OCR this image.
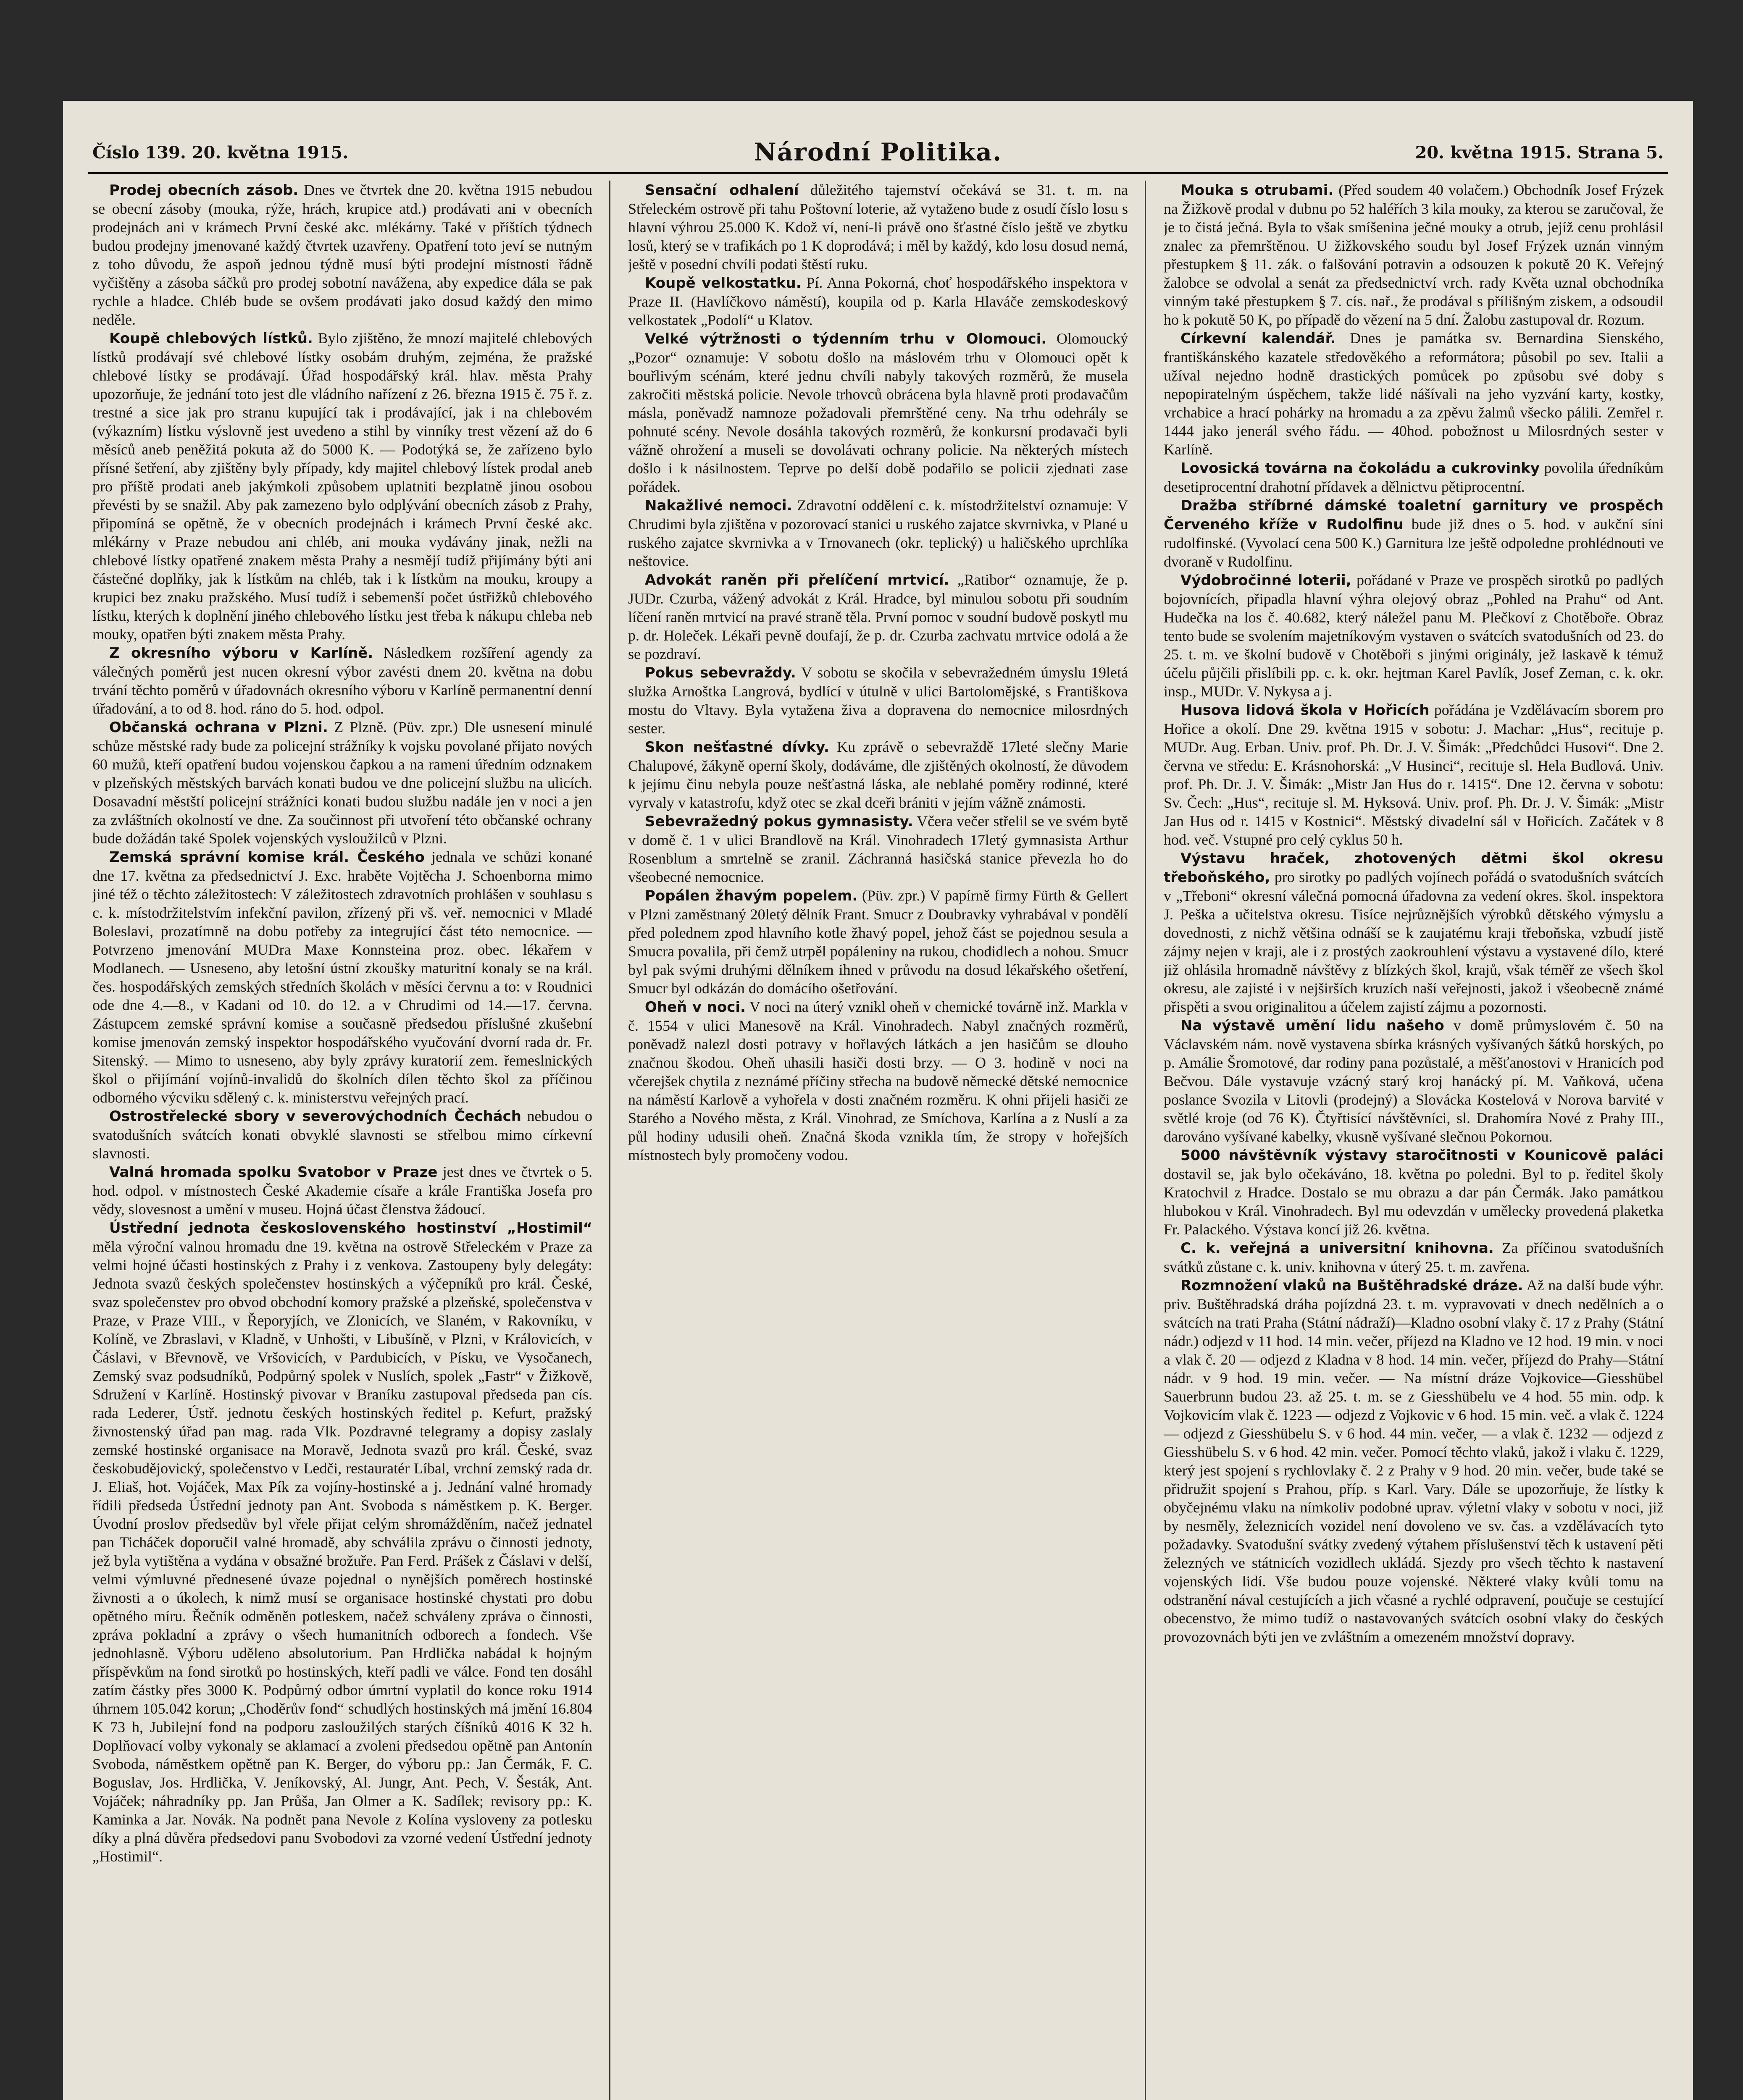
Číslo 139. 20. května 1915.	Národní Politika.	20. května 1915. Strana 5.

Prodej obecních zásob. Dnes ve čtvrtek dne 20. května 1915 nebudou se obecní zásoby (mouka, rýže, hrách, krupice atd.) prodávati ani v obecních prodejnách ani v krámech První české akc. mlékárny. Také v příštích týdnech budou prodejny jmenované každý čtvrtek uzavřeny. Opatření toto jeví se nutným z toho důvodu, že aspoň jednou týdně musí býti prodejní místnosti řádně vyčištěny a zásoba sáčků pro prodej sobotní navážena, aby expedice dála se pak rychle a hladce. Chléb bude se ovšem prodávati jako dosud každý den mimo neděle.

Koupě chlebových lístků. Bylo zjištěno, že mnozí majitelé chlebových lístků prodávají své chlebové lístky osobám druhým, zejména, že pražské chlebové lístky se prodávají. Úřad hospodářský král. hlav. města Prahy upozorňuje, že jednání toto jest dle vládního nařízení z 26. března 1915 č. 75 ř. z. trestné a sice jak pro stranu kupující tak i prodávající, jak i na chlebovém (výkazním) lístku výslovně jest uvedeno a stihl by vinníky trest vězení až do 6 měsíců aneb peněžitá pokuta až do 5000 K. — Podotýká se, že zařízeno bylo přísné šetření, aby zjištěny byly případy, kdy majitel chlebový lístek prodal aneb pro příště prodati aneb jakýmkoli způsobem uplatniti bezplatně jinou osobou převésti by se snažil. Aby pak zamezeno bylo odplývání obecních zásob z Prahy, připomíná se opětně, že v obecních prodejnách i krámech První české akc. mlékárny v Praze nebudou ani chléb, ani mouka vydávány jinak, nežli na chlebové lístky opatřené znakem města Prahy a nesmějí tudíž přijímány býti ani částečné doplňky, jak k lístkům na chléb, tak i k lístkům na mouku, kroupy a krupici bez znaku pražského. Musí tudíž i sebemenší počet ústřižků chlebového lístku, kterých k doplnění jiného chlebového lístku jest třeba k nákupu chleba neb mouky, opatřen býti znakem města Prahy.

Z okresního výboru v Karlíně. Následkem rozšíření agendy za válečných poměrů jest nucen okresní výbor zavésti dnem 20. května na dobu trvání těchto poměrů v úřadovnách okresního výboru v Karlíně permanentní denní úřadování, a to od 8. hod. ráno do 5. hod. odpol.

Občanská ochrana v Plzni. Z Plzně. (Püv. zpr.) Dle usnesení minulé schůze městské rady bude za policejní strážníky k vojsku povolané přijato nových 60 mužů, kteří opatření budou vojenskou čapkou a na rameni úředním odznakem v plzeňských městských barvách konati budou ve dne policejní službu na ulicích. Dosavadní městští policejní strážníci konati budou službu nadále jen v noci a jen za zvláštních okolností ve dne. Za součinnost při utvoření této občanské ochrany bude dožádán také Spolek vojenských vysloužilců v Plzni.

Zemská správní komise král. Českého jednala ve schůzi konané dne 17. května za předsednictví J. Exc. hraběte Vojtěcha J. Schoenborna mimo jiné též o těchto záležitostech: V záležitostech zdravotních prohlášen v souhlasu s c. k. místodržitelstvím infekční pavilon, zřízený při vš. veř. nemocnici v Mladé Boleslavi, prozatímně na dobu potřeby za integrující část této nemocnice. — Potvrzeno jmenování MUDra Maxe Konnsteina proz. obec. lékařem v Modlanech. — Usneseno, aby letošní ústní zkoušky maturitní konaly se na král. čes. hospodářských zemských středních školách v měsíci červnu a to: v Roudnici ode dne 4.—8., v Kadani od 10. do 12. a v Chrudimi od 14.—17. června. Zástupcem zemské správní komise a současně předsedou příslušné zkušební komise jmenován zemský inspektor hospodářského vyučování dvorní rada dr. Fr. Sitenský. — Mimo to usneseno, aby byly zprávy kuratorií zem. řemeslnických škol o přijímání vojínů-invalidů do školních dílen těchto škol za příčinou odborného výcviku sdělený c. k. ministerstvu veřejných prací.

Ostrostřelecké sbory v severovýchodních Čechách nebudou o svatodušních svátcích konati obvyklé slavnosti se střelbou mimo církevní slavnosti.

Valná hromada spolku Svatobor v Praze jest dnes ve čtvrtek o 5. hod. odpol. v místnostech České Akademie císaře a krále Františka Josefa pro vědy, slovesnost a umění v museu. Hojná účast členstva žádoucí.

Ústřední jednota československého hostinství „Hostimil“ měla výroční valnou hromadu dne 19. května na ostrově Střeleckém v Praze za velmi hojné účasti hostinských z Prahy i z venkova. Zastoupeny byly delegáty: Jednota svazů českých společenstev hostinských a výčepníků pro král. České, svaz společenstev pro obvod obchodní komory pražské a plzeňské, společenstva v Praze, v Praze VIII., v Řeporyjích, ve Zlonicích, ve Slaném, v Rakovníku, v Kolíně, ve Zbraslavi, v Kladně, v Unhošti, v Libušíně, v Plzni, v Královicích, v Čáslavi, v Břevnově, ve Vršovicích, v Pardubicích, v Písku, ve Vysočanech, Zemský svaz podsudníků, Podpůrný spolek v Nuslích, spolek „Fastr“ v Žižkově, Sdružení v Karlíně. Hostinský pivovar v Braníku zastupoval předseda pan cís. rada Lederer, Ústř. jednotu českých hostinských ředitel p. Kefurt, pražský živnostenský úřad pan mag. rada Vlk. Pozdravné telegramy a dopisy zaslaly zemské hostinské organisace na Moravě, Jednota svazů pro král. České, svaz českobudějovický, společenstvo v Ledči, restauratér Líbal, vrchní zemský rada dr. J. Eliaš, hot. Vojáček, Max Pík za vojíny-hostinské a j. Jednání valné hromady řídili předseda Ústřední jednoty pan Ant. Svoboda s náměstkem p. K. Berger. Úvodní proslov předsedův byl vřele přijat celým shromážděním, načež jednatel pan Ticháček doporučil valné hromadě, aby schválila zprávu o činnosti jednoty, jež byla vytištěna a vydána v obsažné brožuře. Pan Ferd. Prášek z Čáslavi v delší, velmi výmluvné přednesené úvaze pojednal o nynějších poměrech hostinské živnosti a o úkolech, k nimž musí se organisace hostinské chystati pro dobu opětného míru. Řečník odměněn potleskem, načež schváleny zpráva o činnosti, zpráva pokladní a zprávy o všech humanitních odborech a fondech. Vše jednohlasně. Výboru uděleno absolutorium. Pan Hrdlička nabádal k hojným příspěvkům na fond sirotků po hostinských, kteří padli ve válce. Fond ten dosáhl zatím částky přes 3000 K. Podpůrný odbor úmrtní vyplatil do konce roku 1914 úhrnem 105.042 korun; „Choděrův fond“ schudlých hostinských má jmění 16.804 K 73 h, Jubilejní fond na podporu zasloužilých starých číšníků 4016 K 32 h. Doplňovací volby vykonaly se aklamací a zvoleni předsedou opětně pan Antonín Svoboda, náměstkem opětně pan K. Berger, do výboru pp.: Jan Čermák, F. C. Boguslav, Jos. Hrdlička, V. Jeníkovský, Al. Jungr, Ant. Pech, V. Šesták, Ant. Vojáček; náhradníky pp. Jan Průša, Jan Olmer a K. Sadílek; revisory pp.: K. Kaminka a Jar. Novák. Na podnět pana Nevole z Kolína vysloveny za potlesku díky a plná důvěra předsedovi panu Svobodovi za vzorné vedení Ústřední jednoty „Hostimil“.

Sensační odhalení důležitého tajemství očekává se 31. t. m. na Střeleckém ostrově při tahu Poštovní loterie, až vytaženo bude z osudí číslo losu s hlavní výhrou 25.000 K. Kdož ví, není-li právě ono šťastné číslo ještě ve zbytku losů, který se v trafikách po 1 K doprodává; i měl by každý, kdo losu dosud nemá, ještě v posední chvíli podati štěstí ruku.

Koupě velkostatku. Pí. Anna Pokorná, choť hospodářského inspektora v Praze II. (Havlíčkovo náměstí), koupila od p. Karla Hlaváče zemskodeskový velkostatek „Podolí“ u Klatov.

Velké výtržnosti o týdenním trhu v Olomouci. Olomoucký „Pozor“ oznamuje: V sobotu došlo na máslovém trhu v Olomouci opět k bouřlivým scénám, které jednu chvíli nabyly takových rozměrů, že musela zakročiti městská policie. Nevole trhovců obrácena byla hlavně proti prodavačům másla, poněvadž namnoze požadovali přemrštěné ceny. Na trhu odehrály se pohnuté scény. Nevole dosáhla takových rozměrů, že konkursní prodavači byli vážně ohrožení a museli se dovolávati ochrany policie. Na některých místech došlo i k násilnostem. Teprve po delší době podařilo se policii zjednati zase pořádek.

Nakažlivé nemoci. Zdravotní oddělení c. k. místodržitelství oznamuje: V Chrudimi byla zjištěna v pozorovací stanici u ruského zajatce skvrnivka, v Plané u ruského zajatce skvrnivka a v Trnovanech (okr. teplický) u haličského uprchlíka neštovice.

Advokát raněn při přelíčení mrtvicí. „Ratibor“ oznamuje, že p. JUDr. Czurba, vážený advokát z Král. Hradce, byl minulou sobotu při soudním líčení raněn mrtvicí na pravé straně těla. První pomoc v soudní budově poskytl mu p. dr. Holeček. Lékaři pevně doufají, že p. dr. Czurba zachvatu mrtvice odolá a že se pozdraví.

Pokus sebevraždy. V sobotu se skočila v sebevražedném úmyslu 19letá služka Arnoštka Langrová, bydlící v útulně v ulici Bartolomějské, s Františkova mostu do Vltavy. Byla vytažena živa a dopravena do nemocnice milosrdných sester.

Skon nešťastné dívky. Ku zprávě o sebevraždě 17leté slečny Marie Chalupové, žákyně operní školy, dodáváme, dle zjištěných okolností, že důvodem k jejímu činu nebyla pouze nešťastná láska, ale neblahé poměry rodinné, které vyrvaly v katastrofu, když otec se zkal dceři brániti v jejím vážně známosti.

Sebevražedný pokus gymnasisty. Včera večer střelil se ve svém bytě v domě č. 1 v ulici Brandlově na Král. Vinohradech 17letý gymnasista Arthur Rosenblum a smrtelně se zranil. Záchranná hasičská stanice převezla ho do všeobecné nemocnice.

Popálen žhavým popelem. (Püv. zpr.) V papírně firmy Fürth & Gellert v Plzni zaměstnaný 20letý dělník Frant. Smucr z Doubravky vyhrabával v pondělí před polednem zpod hlavního kotle žhavý popel, jehož část se pojednou sesula a Smucra povalila, při čemž utrpěl popáleniny na rukou, chodidlech a nohou. Smucr byl pak svými druhými dělníkem ihned v průvodu na dosud lékařského ošetření, Smucr byl odkázán do domácího ošetřování.

Oheň v noci. V noci na úterý vznikl oheň v chemické továrně inž. Markla v č. 1554 v ulici Manesově na Král. Vinohradech. Nabyl značných rozměrů, poněvadž nalezl dosti potravy v hořlavých látkách a jen hasičům se dlouho značnou škodou. Oheň uhasili hasiči dosti brzy. — O 3. hodině v noci na včerejšek chytila z neznámé příčiny střecha na budově německé dětské nemocnice na náměstí Karlově a vyhořela v dosti značném rozměru. K ohni přijeli hasiči ze Starého a Nového města, z Král. Vinohrad, ze Smíchova, Karlína a z Nuslí a za půl hodiny udusili oheň. Značná škoda vznikla tím, že stropy v hořejších místnostech byly promočeny vodou.

Mouka s otrubami. (Před soudem 40 volačem.) Obchodník Josef Frýzek na Žižkově prodal v dubnu po 52 haléřích 3 kila mouky, za kterou se zaručoval, že je to čistá ječná. Byla to však smíšenina ječné mouky a otrub, jejíž cenu prohlásil znalec za přemrštěnou. U žižkovského soudu byl Josef Frýzek uznán vinným přestupkem § 11. zák. o falšování potravin a odsouzen k pokutě 20 K. Veřejný žalobce se odvolal a senát za předsednictví vrch. rady Květa uznal obchodníka vinným také přestupkem § 7. cís. nař., že prodával s přílišným ziskem, a odsoudil ho k pokutě 50 K, po případě do vězení na 5 dní. Žalobu zastupoval dr. Rozum.

Církevní kalendář. Dnes je památka sv. Bernardina Sienského, františkánského kazatele středověkého a reformátora; působil po sev. Italii a užíval nejedno hodně drastických pomůcek po způsobu své doby s nepopiratelným úspěchem, takže lidé nášívali na jeho vyzvání karty, kostky, vrchabice a hrací pohárky na hromadu a za zpěvu žalmů všecko pálili. Zemřel r. 1444 jako jenerál svého řádu. — 40hod. pobožnost u Milosrdných sester v Karlíně.

Lovosická továrna na čokoládu a cukrovinky povolila úředníkům desetiprocentní drahotní přídavek a dělnictvu pětiprocentní.

Dražba stříbrné dámské toaletní garnitury ve prospěch Červeného kříže v Rudolfinu bude již dnes o 5. hod. v aukční síni rudolfinské. (Vyvolací cena 500 K.) Garnitura lze ještě odpoledne prohlédnouti ve dvoraně v Rudolfinu.

Výdobročinné loterii, pořádané v Praze ve prospěch sirotků po padlých bojovnících, připadla hlavní výhra olejový obraz „Pohled na Prahu“ od Ant. Hudečka na los č. 40.682, který náležel panu M. Plečkoví z Chotěboře. Obraz tento bude se svolením majetníkovým vystaven o svátcích svatodušních od 23. do 25. t. m. ve školní budově v Chotěboři s jinými originály, jež laskavě k témuž účelu půjčili přislíbili pp. c. k. okr. hejtman Karel Pavlík, Josef Zeman, c. k. okr. insp., MUDr. V. Nykysa a j.

Husova lidová škola v Hořicích pořádána je Vzdělávacím sborem pro Hořice a okolí. Dne 29. května 1915 v sobotu: J. Machar: „Hus“, recituje p. MUDr. Aug. Erban. Univ. prof. Ph. Dr. J. V. Šimák: „Předchůdci Husovi“. Dne 2. června ve středu: E. Krásnohorská: „V Husinci“, recituje sl. Hela Budlová. Univ. prof. Ph. Dr. J. V. Šimák: „Mistr Jan Hus do r. 1415“. Dne 12. června v sobotu: Sv. Čech: „Hus“, recituje sl. M. Hyksová. Univ. prof. Ph. Dr. J. V. Šimák: „Mistr Jan Hus od r. 1415 v Kostnici“. Městský divadelní sál v Hořicích. Začátek v 8 hod. več. Vstupné pro celý cyklus 50 h.

Výstavu hraček, zhotovených dětmi škol okresu třeboňského, pro sirotky po padlých vojínech pořádá o svatodušních svátcích v „Třeboni“ okresní válečná pomocná úřadovna za vedení okres. škol. inspektora J. Peška a učitelstva okresu. Tisíce nejrůznějších výrobků dětského výmyslu a dovednosti, z nichž většina odnáší se k zaujatému kraji třeboňska, vzbudí jistě zájmy nejen v kraji, ale i z prostých zaokrouhlení výstavu a vystavené dílo, které již ohlásila hromadně návštěvy z blízkých škol, krajů, však téměř ze všech škol okresu, ale zajisté i v nejširších kruzích naší veřejnosti, jakož i všeobecně známé přispěti a svou originalitou a účelem zajistí zájmu a pozornosti.

Na výstavě umění lidu našeho v domě průmyslovém č. 50 na Václavském nám. nově vystavena sbírka krásných vyšívaných šátků horských, po p. Amálie Šromotové, dar rodiny pana pozůstalé, a měšťanostovi v Hranicích pod Bečvou. Dále vystavuje vzácný starý kroj hanácký pí. M. Vaňková, učena poslance Svozila v Litovli (prodejný) a Slovácka Kostelová v Norova barvité v světlé kroje (od 76 K). Čtyřtisící návštěvníci, sl. Drahomíra Nové z Prahy III., darováno vyšívané kabelky, vkusně vyšívané slečnou Pokornou.

5000 návštěvník výstavy staročitnosti v Kounicově paláci dostavil se, jak bylo očekáváno, 18. května po poledni. Byl to p. ředitel školy Kratochvil z Hradce. Dostalo se mu obrazu a dar pán Čermák. Jako památkou hlubokou v Král. Vinohradech. Byl mu odevzdán v umělecky provedená plaketka Fr. Palackého. Výstava koncí již 26. května.

C. k. veřejná a universitní knihovna. Za příčinou svatodušních svátků zůstane c. k. univ. knihovna v úterý 25. t. m. zavřena.

Rozmnožení vlaků na Buštěhradské dráze. Až na další bude výhr. priv. Buštěhradská dráha pojízdná 23. t. m. vypravovati v dnech nedělních a o svátcích na trati Praha (Státní nádraží)—Kladno osobní vlaky č. 17 z Prahy (Státní nádr.) odjezd v 11 hod. 14 min. večer, příjezd na Kladno ve 12 hod. 19 min. v noci a vlak č. 20 — odjezd z Kladna v 8 hod. 14 min. večer, příjezd do Prahy—Státní nádr. v 9 hod. 19 min. večer. — Na místní dráze Vojkovice—Giesshübel Sauerbrunn budou 23. až 25. t. m. se z Giesshübelu ve 4 hod. 55 min. odp. k Vojkovicím vlak č. 1223 — odjezd z Vojkovic v 6 hod. 15 min. več. a vlak č. 1224 — odjezd z Giesshübelu S. v 6 hod. 44 min. večer, — a vlak č. 1232 — odjezd z Giesshübelu S. v 6 hod. 42 min. večer. Pomocí těchto vlaků, jakož i vlaku č. 1229, který jest spojení s rychlovlaky č. 2 z Prahy v 9 hod. 20 min. večer, bude také se přidružit spojení s Prahou, příp. s Karl. Vary. Dále se upozorňuje, že lístky k obyčejnému vlaku na nímkoliv podobné uprav. výletní vlaky v sobotu v noci, již by nesměly, železnicích vozidel není dovoleno ve sv. čas. a vzdělávacích tyto požadavky. Svatodušní svátky zvedený výtahem příslušenství těch k ustavení pěti železných ve státnicích vozidlech ukládá. Sjezdy pro všech těchto k nastavení vojenských lidí. Vše budou pouze vojenské. Některé vlaky kvůli tomu na odstranění nával cestujících a jich včasné a rychlé odpravení, poučuje se cestující obecenstvo, že mimo tudíž o nastavovaných svátcích osobní vlaky do českých provozovnách býti jen ve zvláštním a omezeném množství dopravy.
